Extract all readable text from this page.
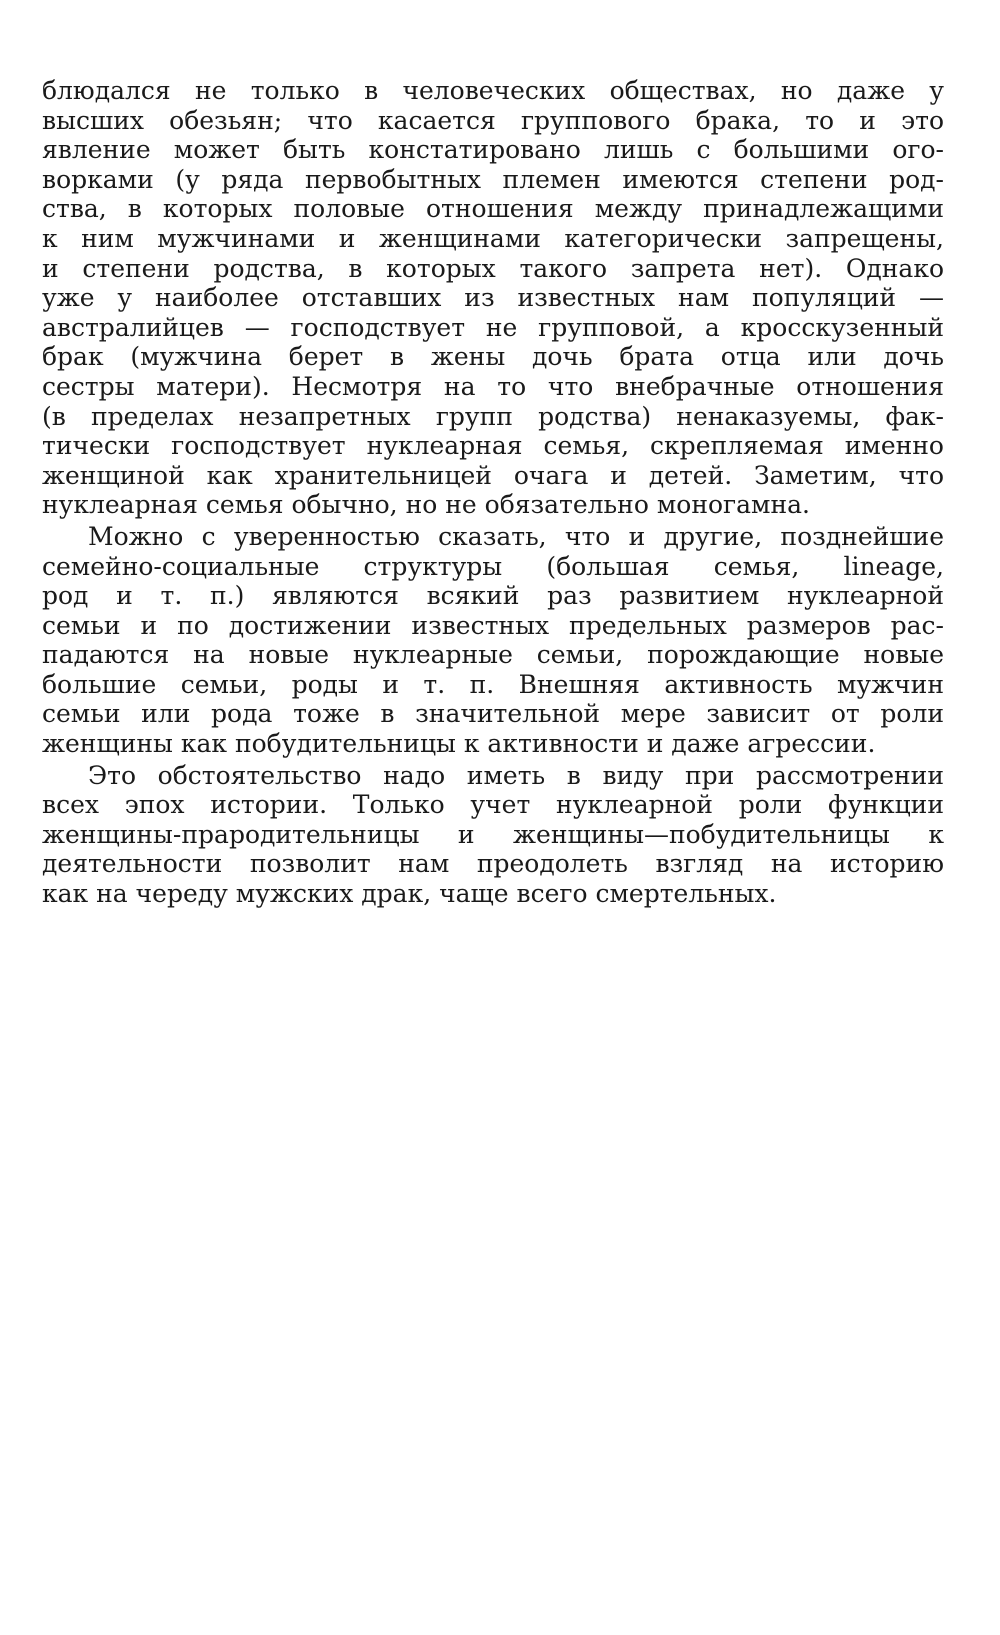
блюдался не только в человеческих обществах, но даже у
высших обезьян; что касается группового брака, то и это
явление может быть констатировано лишь с большими ого-
ворками (у ряда первобытных племен имеются степени род-
ства, в которых половые отношения между принадлежащими
к ним мужчинами и женщинами категорически запрещены,
и степени родства, в которых такого запрета нет). Однако
уже у наиболее отставших из известных нам популяций —
австралийцев — господствует не групповой, а кросскузенный
брак (мужчина берет в жены дочь брата отца или дочь
сестры матери). Несмотря на то что внебрачные отношения
(в пределах незапретных групп родства) ненаказуемы, фак-
тически господствует нуклеарная семья, скрепляемая именно
женщиной как хранительницей очага и детей. Заметим, что
нуклеарная семья обычно, но не обязательно моногамна.
Можно с уверенностью сказать, что и другие, позднейшие
семейно-социальные структуры (большая семья, lineage,
род и т. п.) являются всякий раз развитием нуклеарной
семьи и по достижении известных предельных размеров рас-
падаются на новые нуклеарные семьи, порождающие новые
большие семьи, роды и т. п. Внешняя активность мужчин
семьи или рода тоже в значительной мере зависит от роли
женщины как побудительницы к активности и даже агрессии.
Это обстоятельство надо иметь в виду при рассмотрении
всех эпох истории. Только учет нуклеарной роли функции
женщины-прародительницы и женщины—побудительницы к
деятельности позволит нам преодолеть взгляд на историю
как на череду мужских драк, чаще всего смертельных.
